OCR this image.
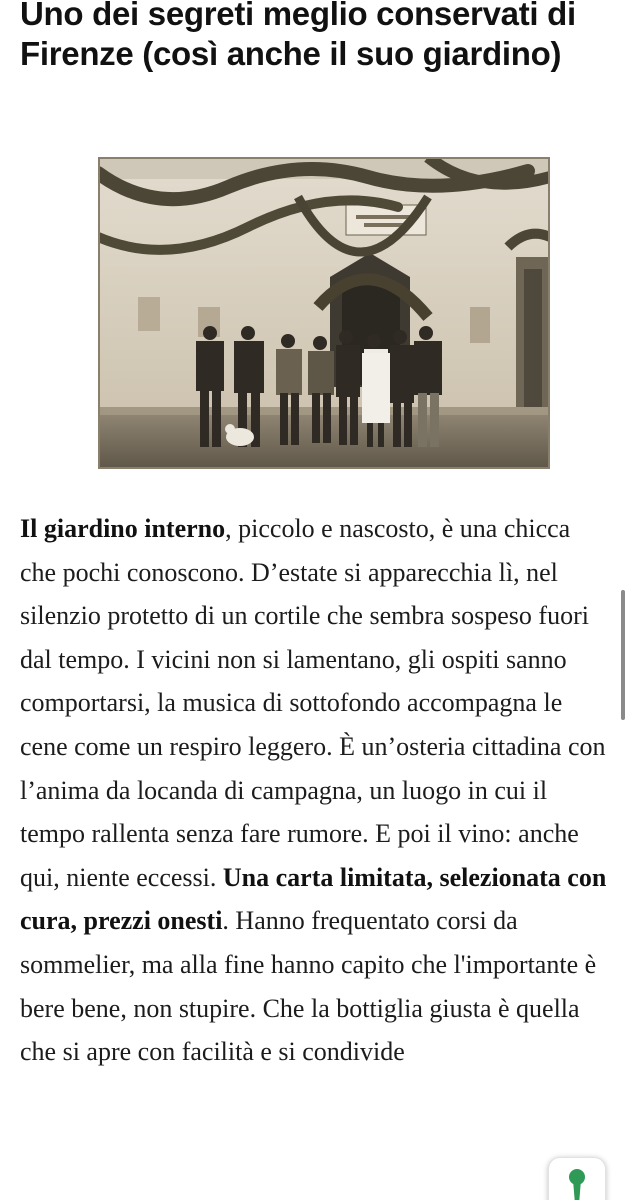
Uno dei segreti meglio conservati di Firenze (così anche il suo giardino)

Il giardino interno, piccolo e nascosto, è una chicca che pochi conoscono. D’estate si apparecchia lì, nel silenzio protetto di un cortile che sembra sospeso fuori dal tempo. I vicini non si lamentano, gli ospiti sanno comportarsi, la musica di sottofondo accompagna le cene come un respiro leggero. È un’osteria cittadina con l’anima da locanda di campagna, un luogo in cui il tempo rallenta senza fare rumore. E poi il vino: anche qui, niente eccessi. Una carta limitata, selezionata con cura, prezzi onesti. Hanno frequentato corsi da sommelier, ma alla fine hanno capito che l'importante è bere bene, non stupire. Che la bottiglia giusta è quella che si apre con facilità e si condivide
